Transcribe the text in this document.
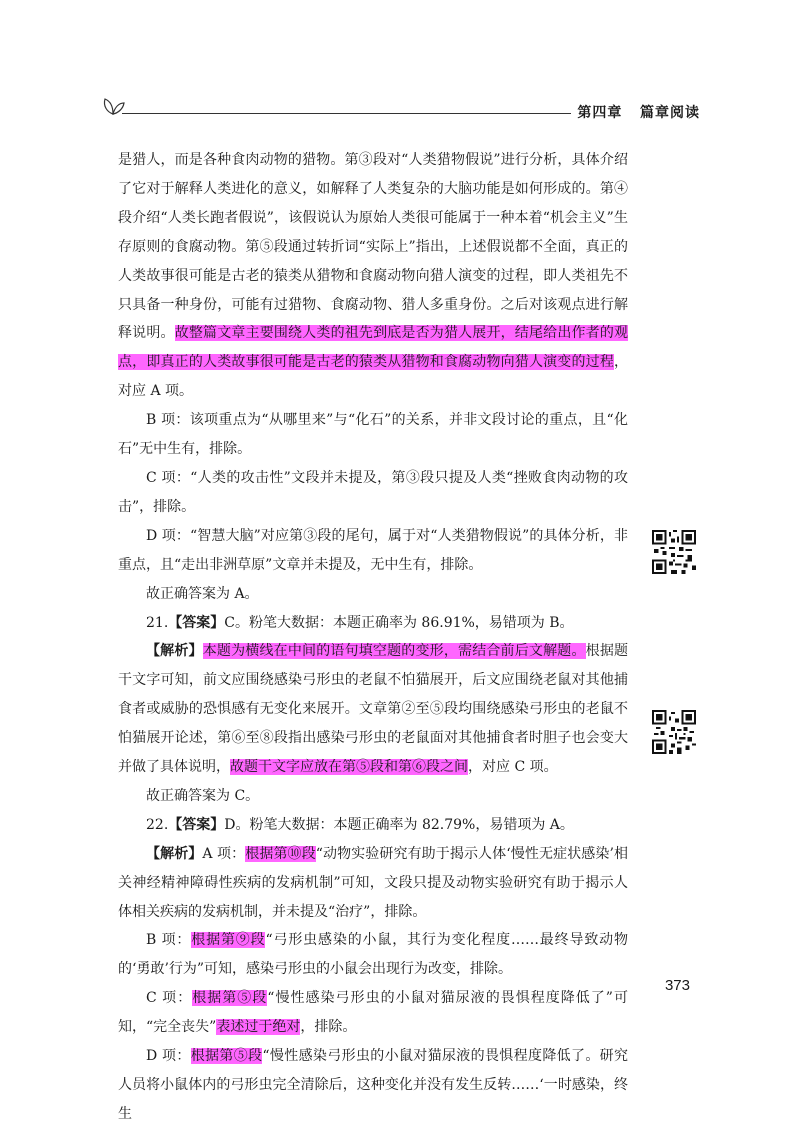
第四章 篇章阅读

是猎人，而是各种食肉动物的猎物。第③段对“人类猎物假说”进行分析，具体介绍了它对于解释人类进化的意义，如解释了人类复杂的大脑功能是如何形成的。第④段介绍“人类长跑者假说”，该假说认为原始人类很可能属于一种本着“机会主义”生存原则的食腐动物。第⑤段通过转折词“实际上”指出，上述假说都不全面，真正的人类故事很可能是古老的猿类从猎物和食腐动物向猎人演变的过程，即人类祖先不只具备一种身份，可能有过猎物、食腐动物、猎人多重身份。之后对该观点进行解释说明。故整篇文章主要围绕人类的祖先到底是否为猎人展开，结尾给出作者的观点，即真正的人类故事很可能是古老的猿类从猎物和食腐动物向猎人演变的过程，对应 A 项。

B 项：该项重点为“从哪里来”与“化石”的关系，并非文段讨论的重点，且“化石”无中生有，排除。

C 项：“人类的攻击性”文段并未提及，第③段只提及人类“挫败食肉动物的攻击”，排除。

D 项：“智慧大脑”对应第③段的尾句，属于对“人类猎物假说”的具体分析，非重点，且“走出非洲草原”文章并未提及，无中生有，排除。

故正确答案为 A。

21.【答案】C。粉笔大数据：本题正确率为 86.91%，易错项为 B。

【解析】本题为横线在中间的语句填空题的变形，需结合前后文解题。根据题干文字可知，前文应围绕感染弓形虫的老鼠不怕猫展开，后文应围绕老鼠对其他捕食者或威胁的恐惧感有无变化来展开。文章第②至⑤段均围绕感染弓形虫的老鼠不怕猫展开论述，第⑥至⑧段指出感染弓形虫的老鼠面对其他捕食者时胆子也会变大并做了具体说明，故题干文字应放在第⑤段和第⑥段之间，对应 C 项。

故正确答案为 C。

22.【答案】D。粉笔大数据：本题正确率为 82.79%，易错项为 A。

【解析】A 项：根据第⑩段“动物实验研究有助于揭示人体‘慢性无症状感染’相关神经精神障碍性疾病的发病机制”可知，文段只提及动物实验研究有助于揭示人体相关疾病的发病机制，并未提及“治疗”，排除。

B 项：根据第⑨段“弓形虫感染的小鼠，其行为变化程度……最终导致动物的‘勇敢’行为”可知，感染弓形虫的小鼠会出现行为改变，排除。

C 项：根据第⑤段“慢性感染弓形虫的小鼠对猫尿液的畏惧程度降低了”可知，“完全丧失”表述过于绝对，排除。

D 项：根据第⑤段“慢性感染弓形虫的小鼠对猫尿液的畏惧程度降低了。研究人员将小鼠体内的弓形虫完全清除后，这种变化并没有发生反转……‘一时感染，终生

373
